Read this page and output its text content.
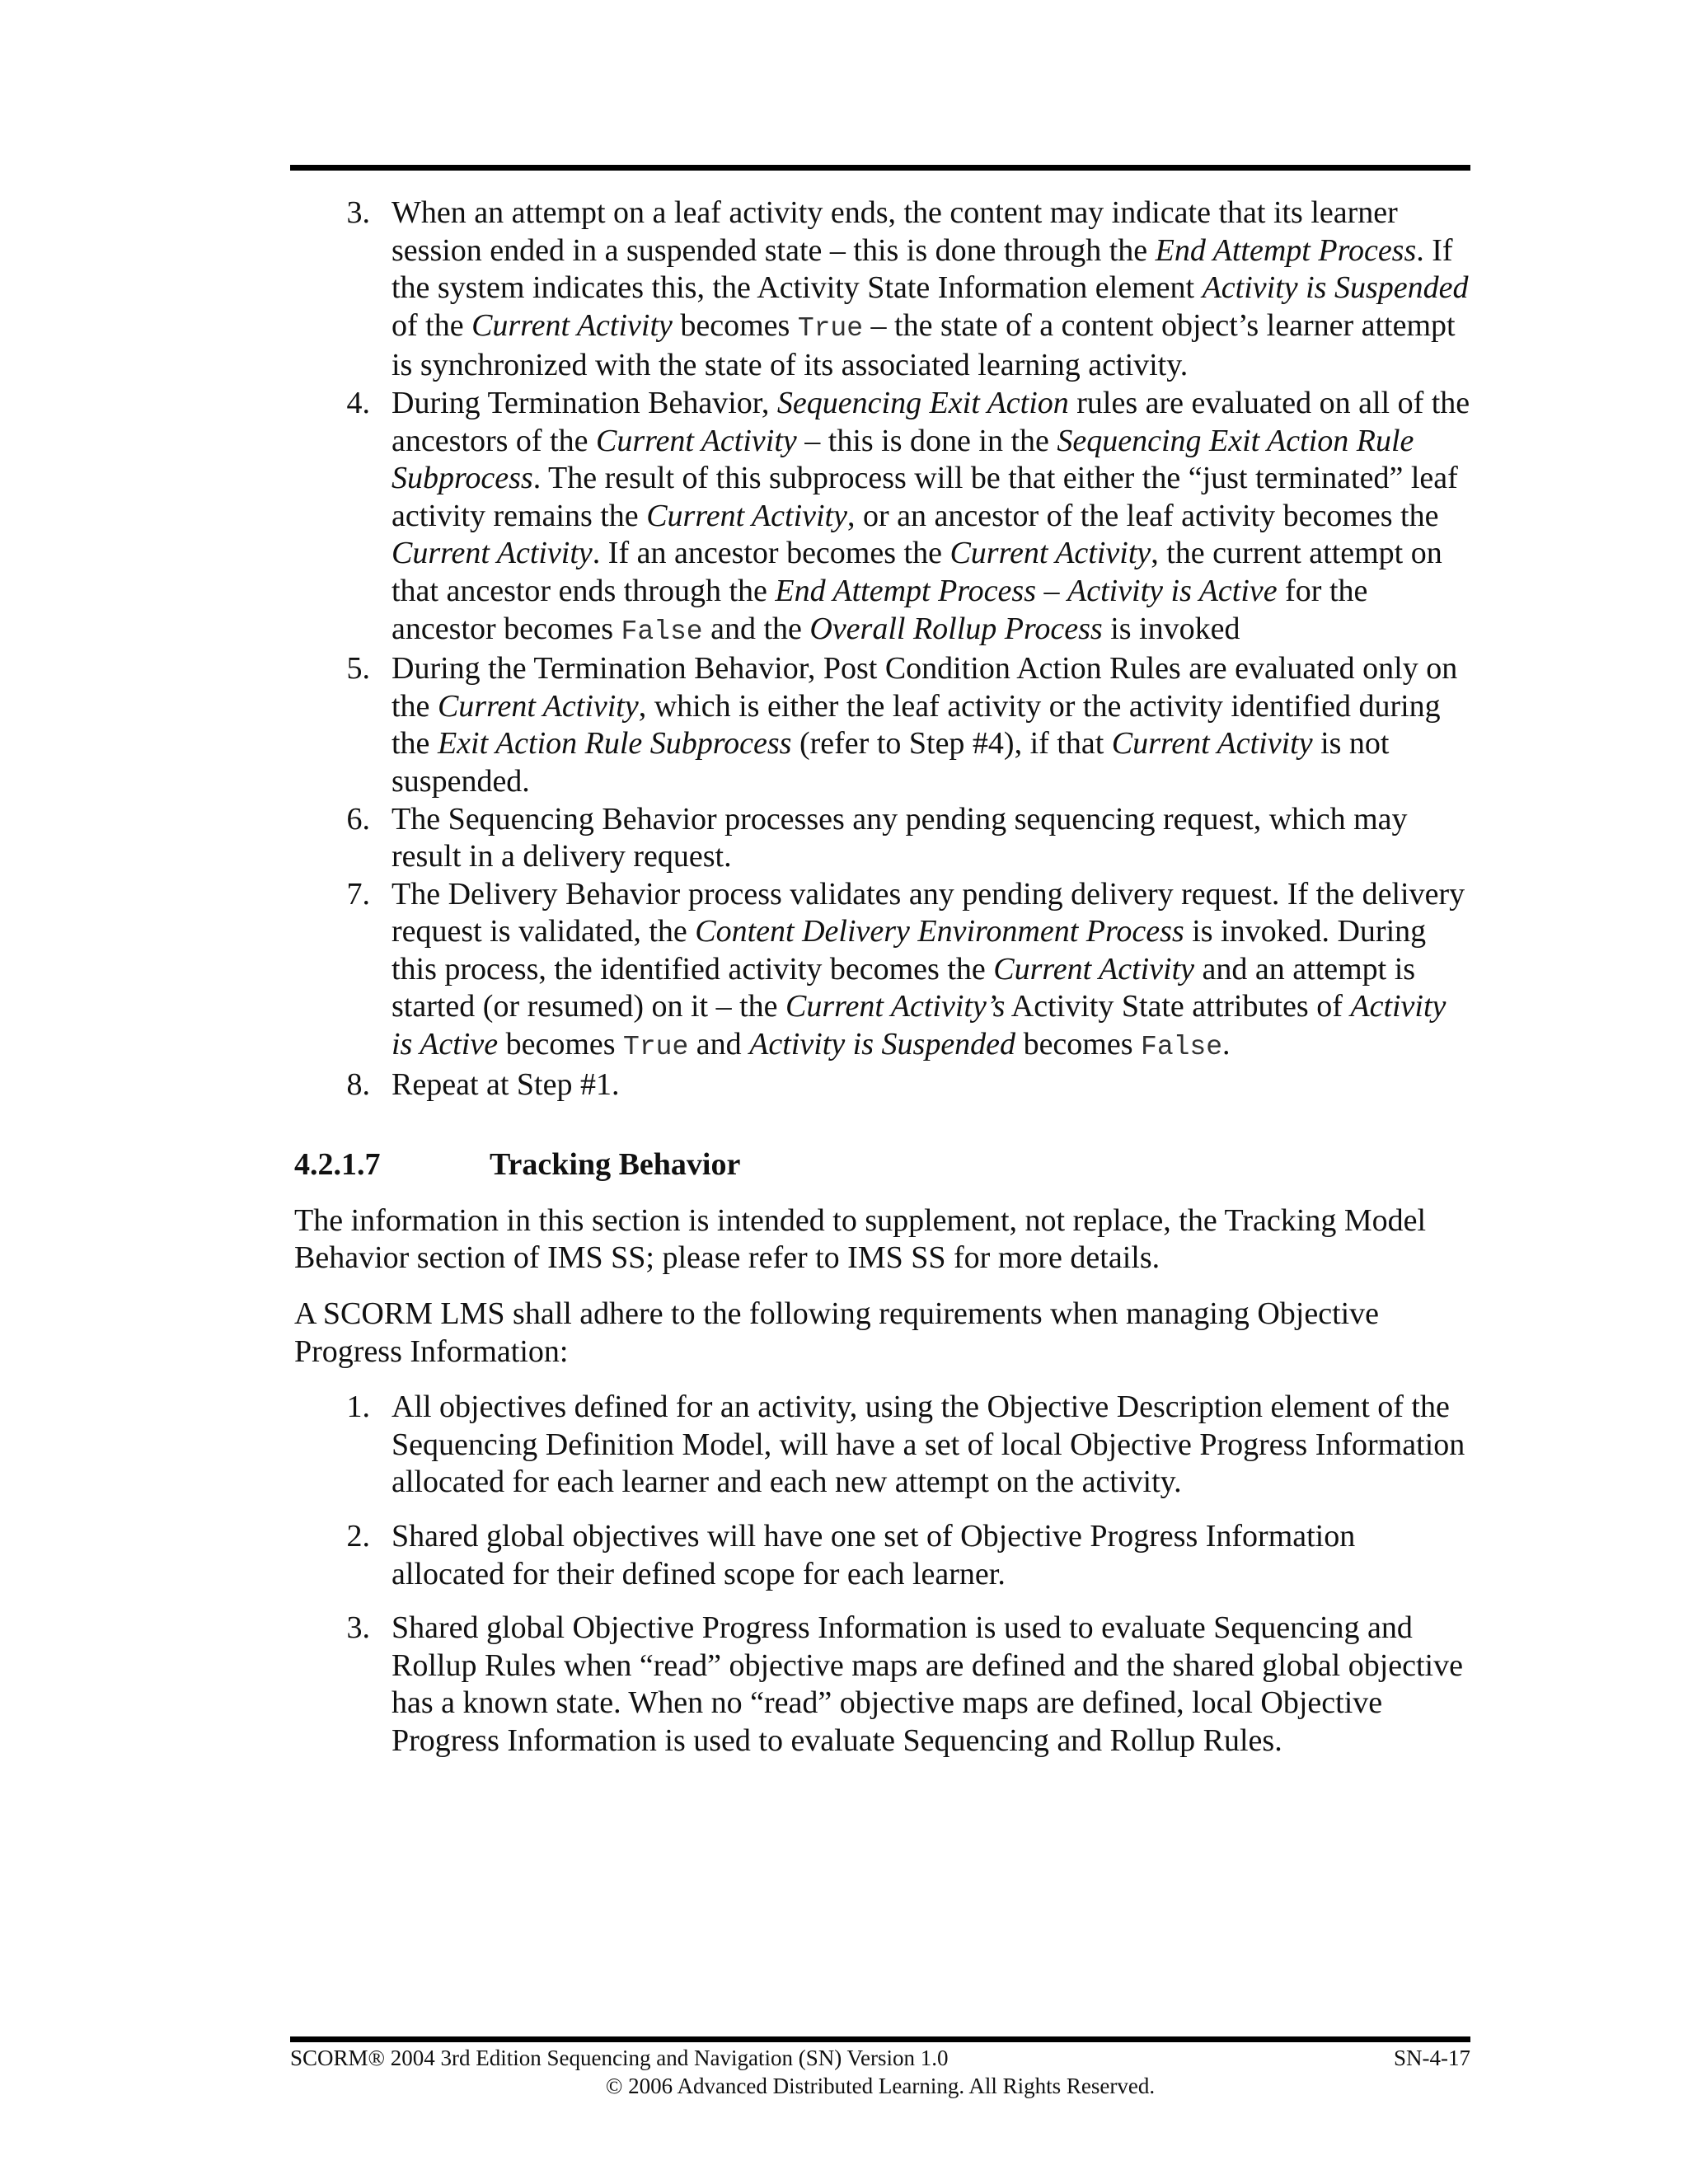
3. When an attempt on a leaf activity ends, the content may indicate that its learner session ended in a suspended state – this is done through the End Attempt Process. If the system indicates this, the Activity State Information element Activity is Suspended of the Current Activity becomes True – the state of a content object’s learner attempt is synchronized with the state of its associated learning activity.
4. During Termination Behavior, Sequencing Exit Action rules are evaluated on all of the ancestors of the Current Activity – this is done in the Sequencing Exit Action Rule Subprocess. The result of this subprocess will be that either the “just terminated” leaf activity remains the Current Activity, or an ancestor of the leaf activity becomes the Current Activity. If an ancestor becomes the Current Activity, the current attempt on that ancestor ends through the End Attempt Process – Activity is Active for the ancestor becomes False and the Overall Rollup Process is invoked
5. During the Termination Behavior, Post Condition Action Rules are evaluated only on the Current Activity, which is either the leaf activity or the activity identified during the Exit Action Rule Subprocess (refer to Step #4), if that Current Activity is not suspended.
6. The Sequencing Behavior processes any pending sequencing request, which may result in a delivery request.
7. The Delivery Behavior process validates any pending delivery request. If the delivery request is validated, the Content Delivery Environment Process is invoked. During this process, the identified activity becomes the Current Activity and an attempt is started (or resumed) on it – the Current Activity’s Activity State attributes of Activity is Active becomes True and Activity is Suspended becomes False.
8. Repeat at Step #1.
4.2.1.7	Tracking Behavior

The information in this section is intended to supplement, not replace, the Tracking Model Behavior section of IMS SS; please refer to IMS SS for more details.

A SCORM LMS shall adhere to the following requirements when managing Objective Progress Information:

1. All objectives defined for an activity, using the Objective Description element of the Sequencing Definition Model, will have a set of local Objective Progress Information allocated for each learner and each new attempt on the activity.
2. Shared global objectives will have one set of Objective Progress Information allocated for their defined scope for each learner.
3. Shared global Objective Progress Information is used to evaluate Sequencing and Rollup Rules when “read” objective maps are defined and the shared global objective has a known state. When no “read” objective maps are defined, local Objective Progress Information is used to evaluate Sequencing and Rollup Rules.
SCORM® 2004 3rd Edition Sequencing and Navigation (SN) Version 1.0	SN-4-17
© 2006 Advanced Distributed Learning. All Rights Reserved.
